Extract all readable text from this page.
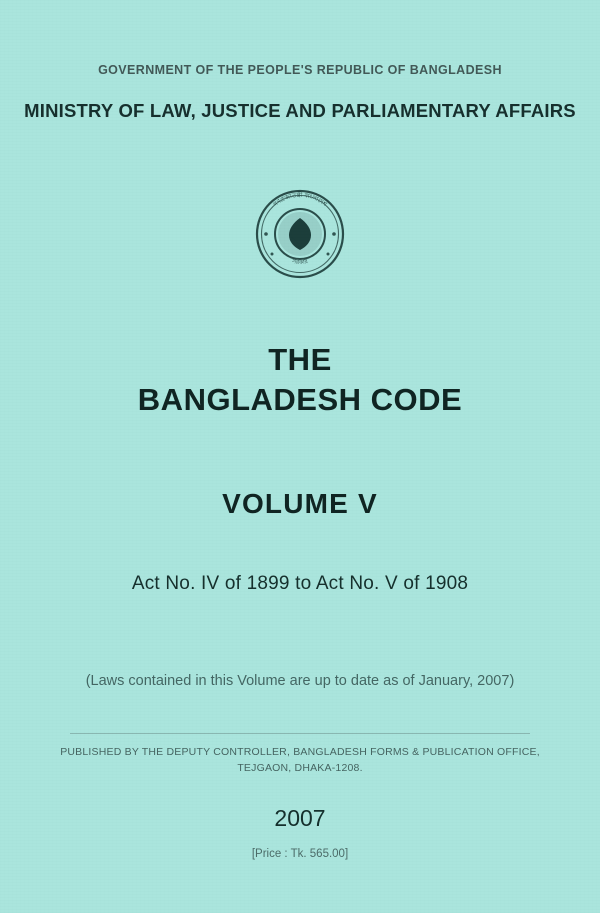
GOVERNMENT OF THE PEOPLE'S REPUBLIC OF BANGLADESH
MINISTRY OF LAW, JUSTICE AND PARLIAMENTARY AFFAIRS
গণপ্রজাতন্ত্রী বাংলাদেশ
সরকার
THE
BANGLADESH CODE
VOLUME V
Act No. IV of 1899 to Act No. V of 1908
(Laws contained in this Volume are up to date as of January, 2007)
PUBLISHED BY THE DEPUTY CONTROLLER, BANGLADESH FORMS & PUBLICATION OFFICE,
TEJGAON, DHAKA-1208.
2007
[Price : Tk. 565.00]
